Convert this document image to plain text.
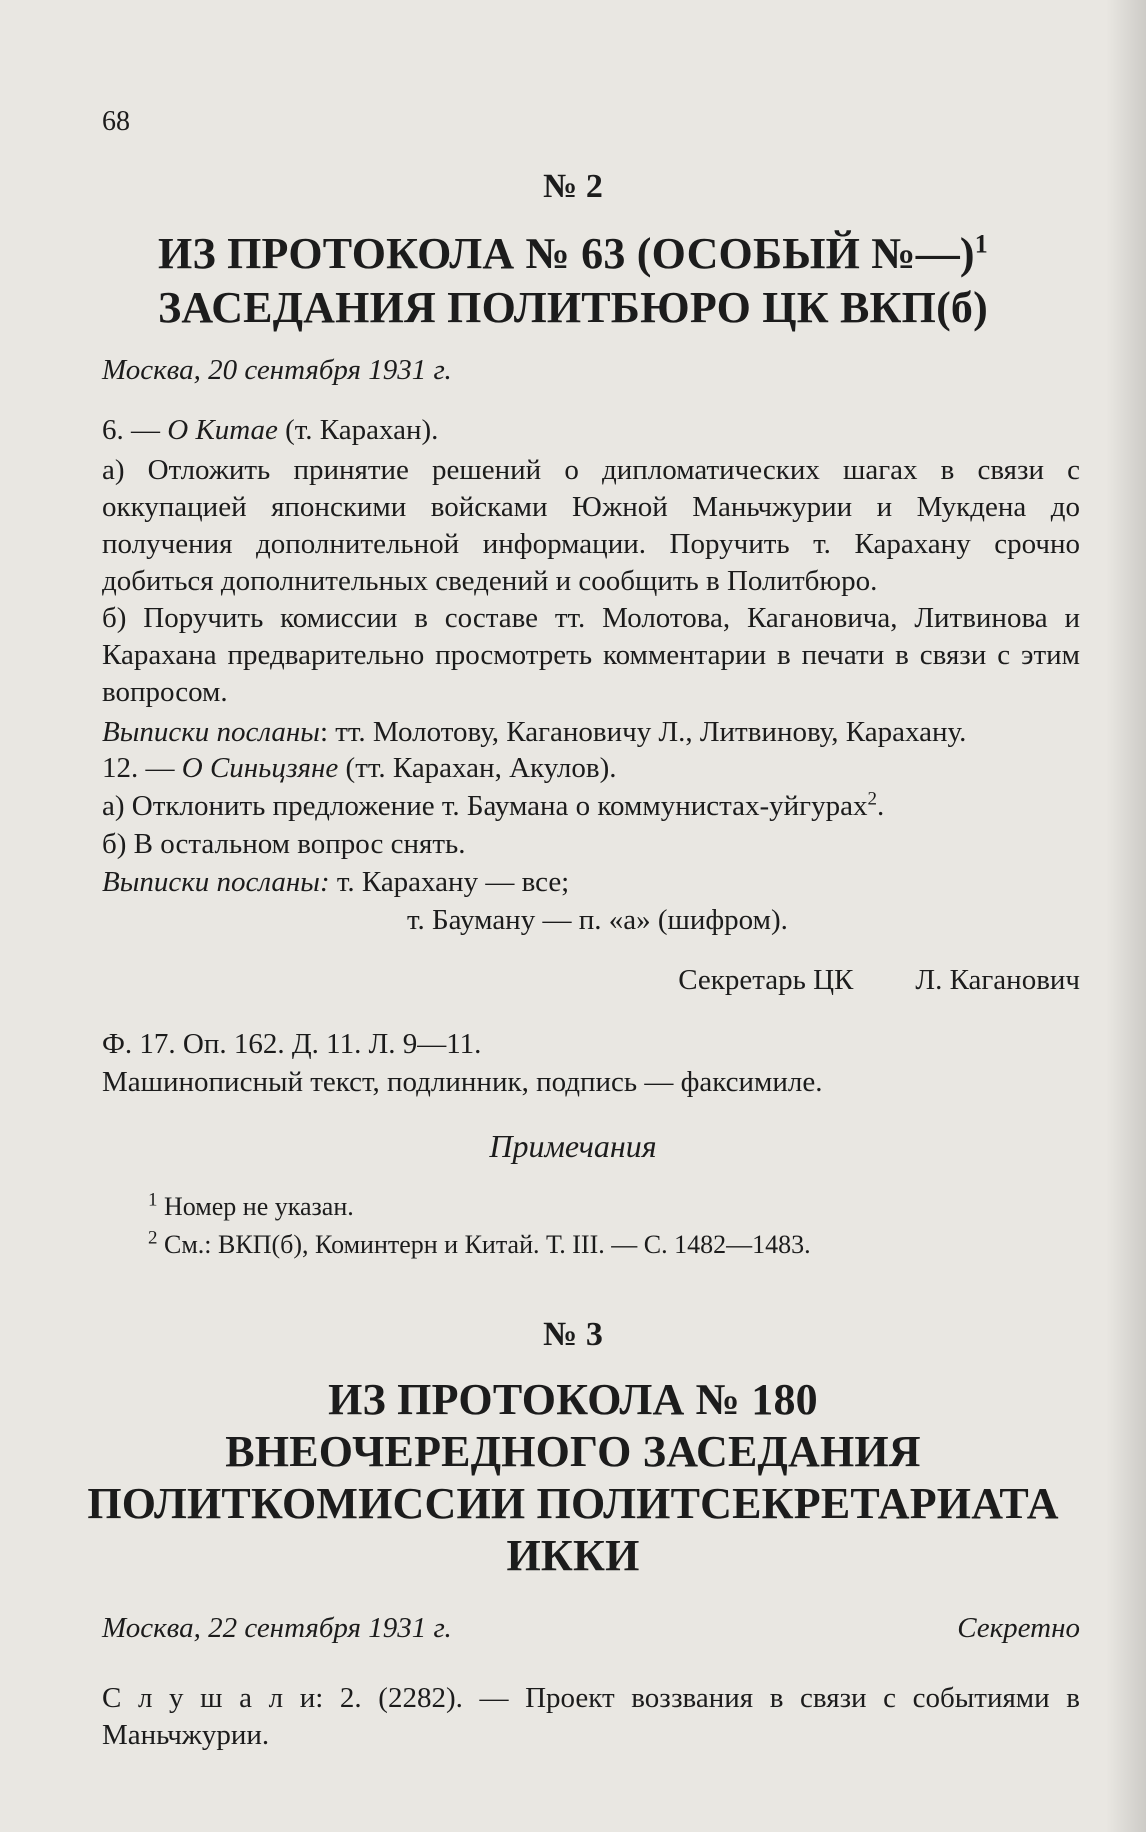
68
№ 2
ИЗ ПРОТОКОЛА № 63 (ОСОБЫЙ №—)$^1$
ЗАСЕДАНИЯ ПОЛИТБЮРО ЦК ВКП(б)
Москва, 20 сентября 1931 г.
6. — О Китае (т. Карахан).
а) Отложить принятие решений о дипломатических шагах в связи с оккупацией японскими войсками Южной Маньчжурии и Мукдена до получения дополнительной информации. Поручить т. Карахану срочно добиться дополнительных сведений и сообщить в Политбюро.
б) Поручить комиссии в составе тт. Молотова, Кагановича, Литвинова и Карахана предварительно просмотреть комментарии в печати в связи с этим вопросом.
Выписки посланы: тт. Молотову, Кагановичу Л., Литвинову, Карахану.
12. — О Синьцзяне (тт. Карахан, Акулов).
а) Отклонить предложение т. Баумана о коммунистах-уйгурах$^2$.
б) В остальном вопрос снять.
Выписки посланы: т. Карахану — все;
т. Бауману — п. «а» (шифром).
Секретарь ЦК Л. Каганович
Ф. 17. Оп. 162. Д. 11. Л. 9—11.
Машинописный текст, подлинник, подпись — факсимиле.
Примечания
$^1$ Номер не указан.
$^2$ См.: ВКП(б), Коминтерн и Китай. Т. III. — С. 1482—1483.
№ 3
ИЗ ПРОТОКОЛА № 180
ВНЕОЧЕРЕДНОГО ЗАСЕДАНИЯ
ПОЛИТКОМИССИИ ПОЛИТСЕКРЕТАРИАТА
ИККИ
Москва, 22 сентября 1931 г.	Секретно
С л у ш а л и: 2. (2282). — Проект воззвания в связи с событиями в Маньчжурии.
